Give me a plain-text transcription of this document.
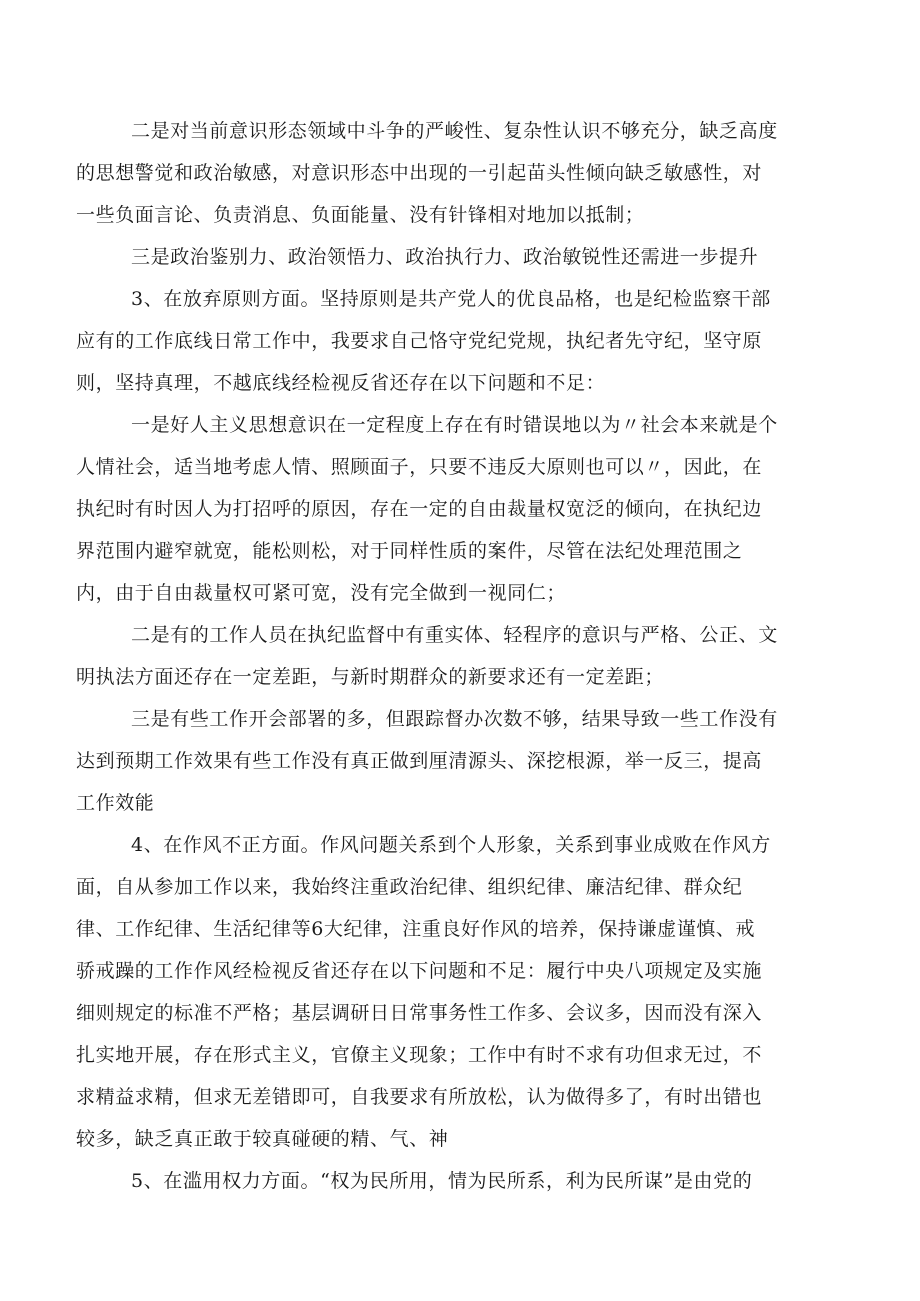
二是对当前意识形态领域中斗争的严峻性、复杂性认识不够充分，缺乏高度
的思想警觉和政治敏感，对意识形态中出现的一引起苗头性倾向缺乏敏感性，对
一些负面言论、负责消息、负面能量、没有针锋相对地加以抵制；
三是政治鉴别力、政治领悟力、政治执行力、政治敏锐性还需进一步提升
3、在放弃原则方面。坚持原则是共产党人的优良品格，也是纪检监察干部
应有的工作底线日常工作中，我要求自己恪守党纪党规，执纪者先守纪，坚守原
则，坚持真理，不越底线经检视反省还存在以下问题和不足：
一是好人主义思想意识在一定程度上存在有时错误地以为〃社会本来就是个
人情社会，适当地考虑人情、照顾面子，只要不违反大原则也可以〃，因此，在
执纪时有时因人为打招呼的原因，存在一定的自由裁量权宽泛的倾向，在执纪边
界范围内避窄就宽，能松则松，对于同样性质的案件，尽管在法纪处理范围之
内，由于自由裁量权可紧可宽，没有完全做到一视同仁；
二是有的工作人员在执纪监督中有重实体、轻程序的意识与严格、公正、文
明执法方面还存在一定差距，与新时期群众的新要求还有一定差距；
三是有些工作开会部署的多，但跟踪督办次数不够，结果导致一些工作没有
达到预期工作效果有些工作没有真正做到厘清源头、深挖根源，举一反三，提高
工作效能
4、在作风不正方面。作风问题关系到个人形象，关系到事业成败在作风方
面，自从参加工作以来，我始终注重政治纪律、组织纪律、廉洁纪律、群众纪
律、工作纪律、生活纪律等6大纪律，注重良好作风的培养，保持谦虚谨慎、戒
骄戒躁的工作作风经检视反省还存在以下问题和不足：履行中央八项规定及实施
细则规定的标准不严格；基层调研日日常事务性工作多、会议多，因而没有深入
扎实地开展，存在形式主义，官僚主义现象；工作中有时不求有功但求无过，不
求精益求精，但求无差错即可，自我要求有所放松，认为做得多了，有时出错也
较多，缺乏真正敢于较真碰硬的精、气、神
5、在滥用权力方面。“权为民所用，情为民所系，利为民所谋”是由党的
